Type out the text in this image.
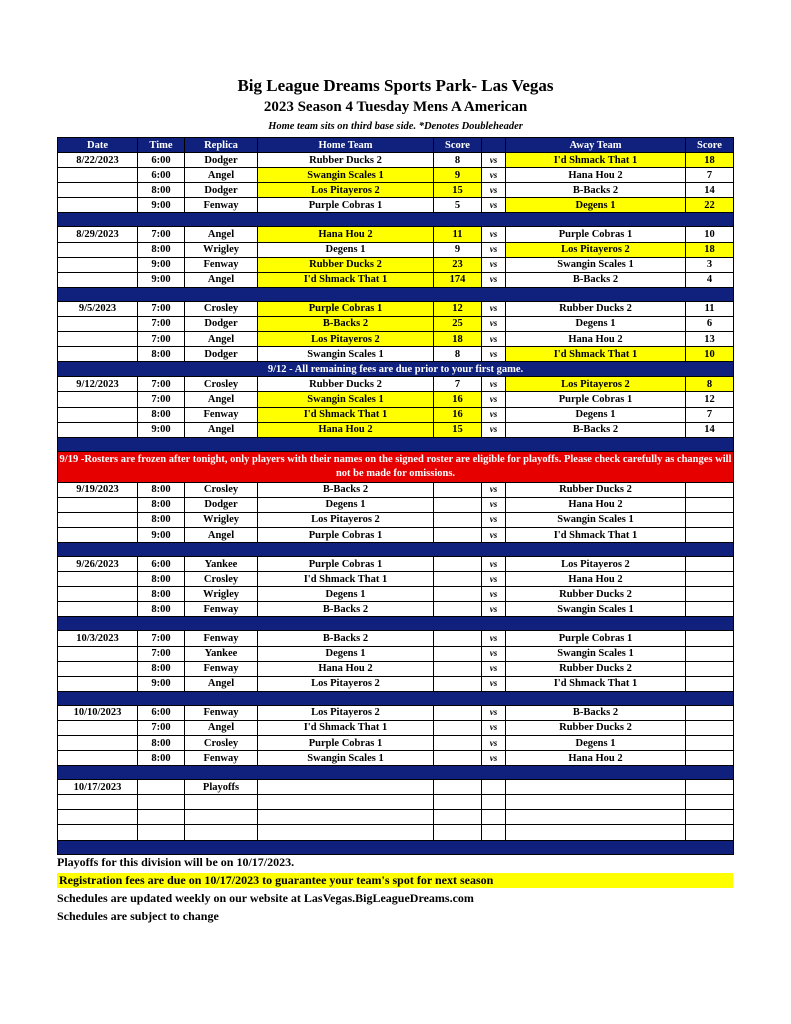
Big League Dreams Sports Park- Las Vegas
2023 Season 4 Tuesday Mens A American
Home team sits on third base side. *Denotes Doubleheader
Date	Time	Replica	Home Team	Score		Away Team	Score
8/22/2023	6:00	Dodger	Rubber Ducks 2	8	vs	I'd Shmack That 1	18
	6:00	Angel	Swangin Scales 1	9	vs	Hana Hou 2	7
	8:00	Dodger	Los Pitayeros 2	15	vs	B-Backs 2	14
	9:00	Fenway	Purple Cobras 1	5	vs	Degens 1	22

8/29/2023	7:00	Angel	Hana Hou 2	11	vs	Purple Cobras 1	10
	8:00	Wrigley	Degens 1	9	vs	Los Pitayeros 2	18
	9:00	Fenway	Rubber Ducks 2	23	vs	Swangin Scales 1	3
	9:00	Angel	I'd Shmack That 1	174	vs	B-Backs 2	4

9/5/2023	7:00	Crosley	Purple Cobras 1	12	vs	Rubber Ducks 2	11
	7:00	Dodger	B-Backs 2	25	vs	Degens 1	6
	7:00	Angel	Los Pitayeros 2	18	vs	Hana Hou 2	13
	8:00	Dodger	Swangin Scales 1	8	vs	I'd Shmack That 1	10
9/12 - All remaining fees are due prior to your first game.							
9/12/2023	7:00	Crosley	Rubber Ducks 2	7	vs	Los Pitayeros 2	8
	7:00	Angel	Swangin Scales 1	16	vs	Purple Cobras 1	12
	8:00	Fenway	I'd Shmack That 1	16	vs	Degens 1	7
	9:00	Angel	Hana Hou 2	15	vs	B-Backs 2	14

9/19 -Rosters are frozen after tonight, only players with their names on the signed roster are eligible for playoffs. Please check carefully as changes will not be made for omissions.							
9/19/2023	8:00	Crosley	B-Backs 2		vs	Rubber Ducks 2	
	8:00	Dodger	Degens 1		vs	Hana Hou 2	
	8:00	Wrigley	Los Pitayeros 2		vs	Swangin Scales 1	
	9:00	Angel	Purple Cobras 1		vs	I'd Shmack That 1	

9/26/2023	6:00	Yankee	Purple Cobras 1		vs	Los Pitayeros 2	
	8:00	Crosley	I'd Shmack That 1		vs	Hana Hou 2	
	8:00	Wrigley	Degens 1		vs	Rubber Ducks 2	
	8:00	Fenway	B-Backs 2		vs	Swangin Scales 1	

10/3/2023	7:00	Fenway	B-Backs 2		vs	Purple Cobras 1	
	7:00	Yankee	Degens 1		vs	Swangin Scales 1	
	8:00	Fenway	Hana Hou 2		vs	Rubber Ducks 2	
	9:00	Angel	Los Pitayeros 2		vs	I'd Shmack That 1	

10/10/2023	6:00	Fenway	Los Pitayeros 2		vs	B-Backs 2	
	7:00	Angel	I'd Shmack That 1		vs	Rubber Ducks 2	
	8:00	Crosley	Purple Cobras 1		vs	Degens 1	
	8:00	Fenway	Swangin Scales 1		vs	Hana Hou 2	

10/17/2023		Playoffs					

Playoffs for this division will be on 10/17/2023.
Registration fees are due on 10/17/2023 to guarantee your team's spot for next season
Schedules are updated weekly on our website at LasVegas.BigLeagueDreams.com
Schedules are subject to change
